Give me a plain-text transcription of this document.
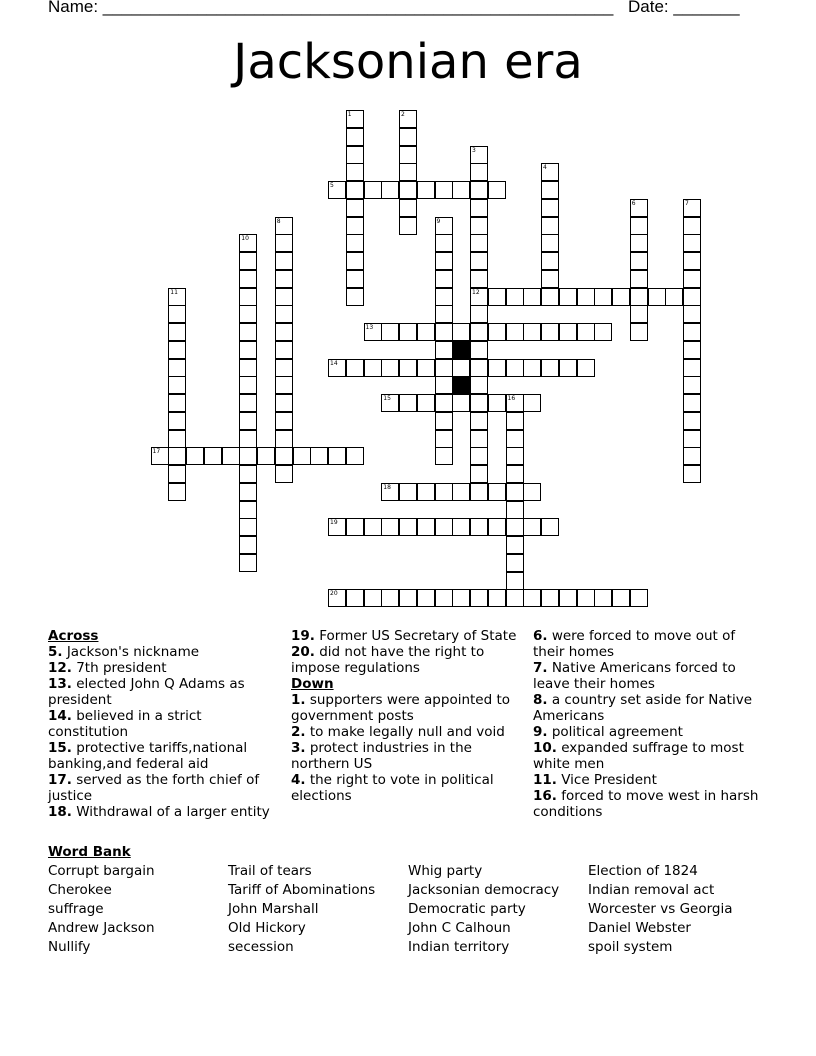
Name: ______________________________________________________ Date: _______
Jacksonian era
1	2
3
12
4
5
6	7
8	9
10
11
13
14
15	16
17
18
19
20
Across
5. Jackson's nickname
12. 7th president
13. elected John Q Adams as president
14. believed in a strict constitution
15. protective tariffs,national banking,and federal aid
17. served as the forth chief of justice
18. Withdrawal of a larger entity
19. Former US Secretary of State
20. did not have the right to impose regulations
Down
1. supporters were appointed to government posts
2. to make legally null and void
3. protect industries in the northern US
4. the right to vote in political elections
6. were forced to move out of their homes
7. Native Americans forced to leave their homes
8. a country set aside for Native Americans
9. political agreement
10. expanded suffrage to most white men
11. Vice President
16. forced to move west in harsh conditions
Word Bank
Corrupt bargain
Cherokee
suffrage
Andrew Jackson
Nullify
Trail of tears
Tariff of Abominations
John Marshall
Old Hickory
secession
Whig party
Jacksonian democracy
Democratic party
John C Calhoun
Indian territory
Election of 1824
Indian removal act
Worcester vs Georgia
Daniel Webster
spoil system
